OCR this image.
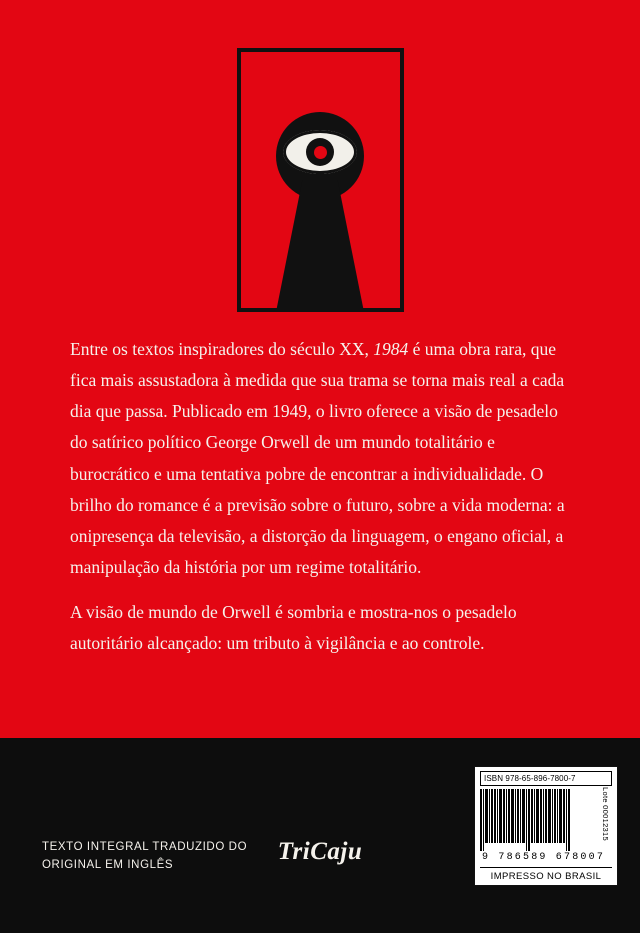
Entre os textos inspiradores do século XX, 1984 é uma obra rara, que fica mais assustadora à medida que sua trama se torna mais real a cada dia que passa. Publicado em 1949, o livro oferece a visão de pesadelo do satírico político George Orwell de um mundo totalitário e burocrático e uma tentativa pobre de encontrar a individualidade. O brilho do romance é a previsão sobre o futuro, sobre a vida moderna: a onipresença da televisão, a distorção da linguagem, o engano oficial, a manipulação da história por um regime totalitário.

A visão de mundo de Orwell é sombria e mostra-nos o pesadelo autoritário alcançado: um tributo à vigilância e ao controle.

TEXTO INTEGRAL TRADUZIDO DO ORIGINAL EM INGLÊS
TriCaju
ISBN 978-65-896-7800-7
Lote 00012315
9 786589 678007
IMPRESSO NO BRASIL
